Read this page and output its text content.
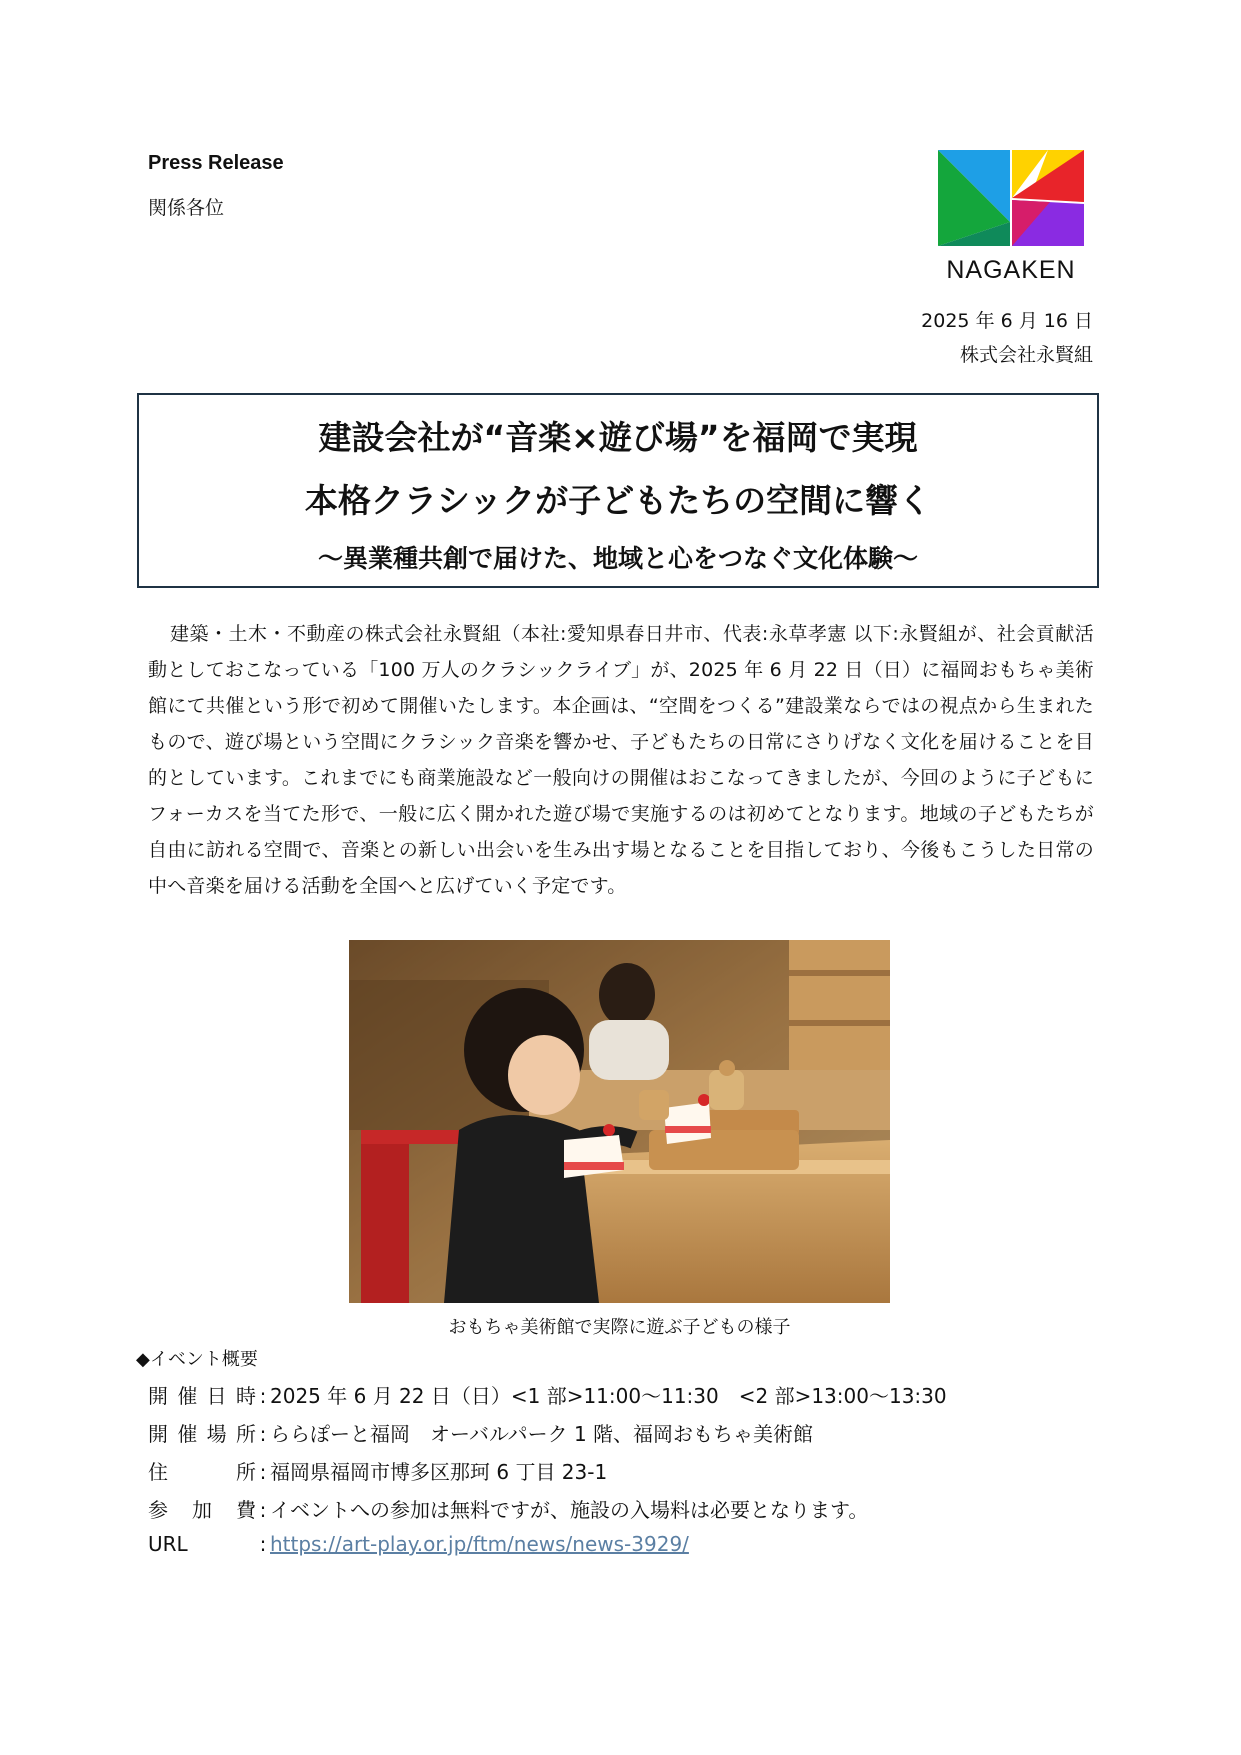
Press Release
関係各位
NAGAKEN
2025 年 6 月 16 日
株式会社永賢組
建設会社が“音楽×遊び場”を福岡で実現
本格クラシックが子どもたちの空間に響く
～異業種共創で届けた、地域と心をつなぐ文化体験～
建築・土木・不動産の株式会社永賢組（本社:愛知県春日井市、代表:永草孝憲 以下:永賢組が、社会貢献活動としておこなっている「100 万人のクラシックライブ」が、2025 年 6 月 22 日（日）に福岡おもちゃ美術館にて共催という形で初めて開催いたします。本企画は、“空間をつくる”建設業ならではの視点から生まれたもので、遊び場という空間にクラシック音楽を響かせ、子どもたちの日常にさりげなく文化を届けることを目的としています。これまでにも商業施設など一般向けの開催はおこなってきましたが、今回のように子どもにフォーカスを当てた形で、一般に広く開かれた遊び場で実施するのは初めてとなります。地域の子どもたちが自由に訪れる空間で、音楽との新しい出会いを生み出す場となることを目指しており、今後もこうした日常の中へ音楽を届ける活動を全国へと広げていく予定です。
おもちゃ美術館で実際に遊ぶ子どもの様子
◆イベント概要
開催日時 : 2025 年 6 月 22 日（日）<1 部>11:00～11:30　<2 部>13:00～13:30
開催場所 : ららぽーと福岡　オーバルパーク 1 階、福岡おもちゃ美術館
住所 : 福岡県福岡市博多区那珂 6 丁目 23-1
参加費 : イベントへの参加は無料ですが、施設の入場料は必要となります。
URL	: https://art-play.or.jp/ftm/news/news-3929/
